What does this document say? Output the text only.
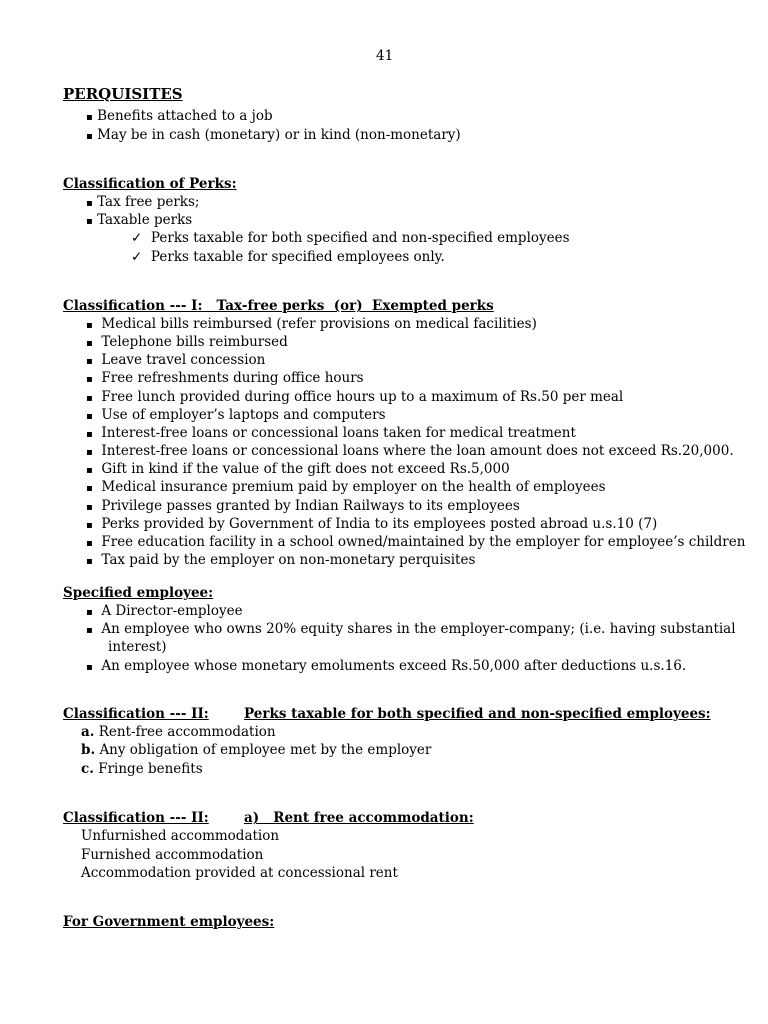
41
PERQUISITES
▪ Benefits attached to a job
▪ May be in cash (monetary) or in kind (non-monetary)
Classification of Perks:
▪ Tax free perks;
▪ Taxable perks
✓ Perks taxable for both specified and non-specified employees
✓ Perks taxable for specified employees only.
Classification --- I:   Tax-free perks  (or)  Exempted perks
▪ Medical bills reimbursed (refer provisions on medical facilities)
▪ Telephone bills reimbursed
▪ Leave travel concession
▪ Free refreshments during office hours
▪ Free lunch provided during office hours up to a maximum of Rs.50 per meal
▪ Use of employer’s laptops and computers
▪ Interest-free loans or concessional loans taken for medical treatment
▪ Interest-free loans or concessional loans where the loan amount does not exceed Rs.20,000.
▪ Gift in kind if the value of the gift does not exceed Rs.5,000
▪ Medical insurance premium paid by employer on the health of employees
▪ Privilege passes granted by Indian Railways to its employees
▪ Perks provided by Government of India to its employees posted abroad u.s.10 (7)
▪ Free education facility in a school owned/maintained by the employer for employee’s children
▪ Tax paid by the employer on non-monetary perquisites
Specified employee:
▪ A Director-employee
▪ An employee who owns 20% equity shares in the employer-company; (i.e. having substantial
interest)
▪ An employee whose monetary emoluments exceed Rs.50,000 after deductions u.s.16.
Classification --- II:	Perks taxable for both specified and non-specified employees:
a. Rent-free accommodation
b. Any obligation of employee met by the employer
c. Fringe benefits
Classification --- II:	a)   Rent free accommodation:
Unfurnished accommodation
Furnished accommodation
Accommodation provided at concessional rent
For Government employees:
